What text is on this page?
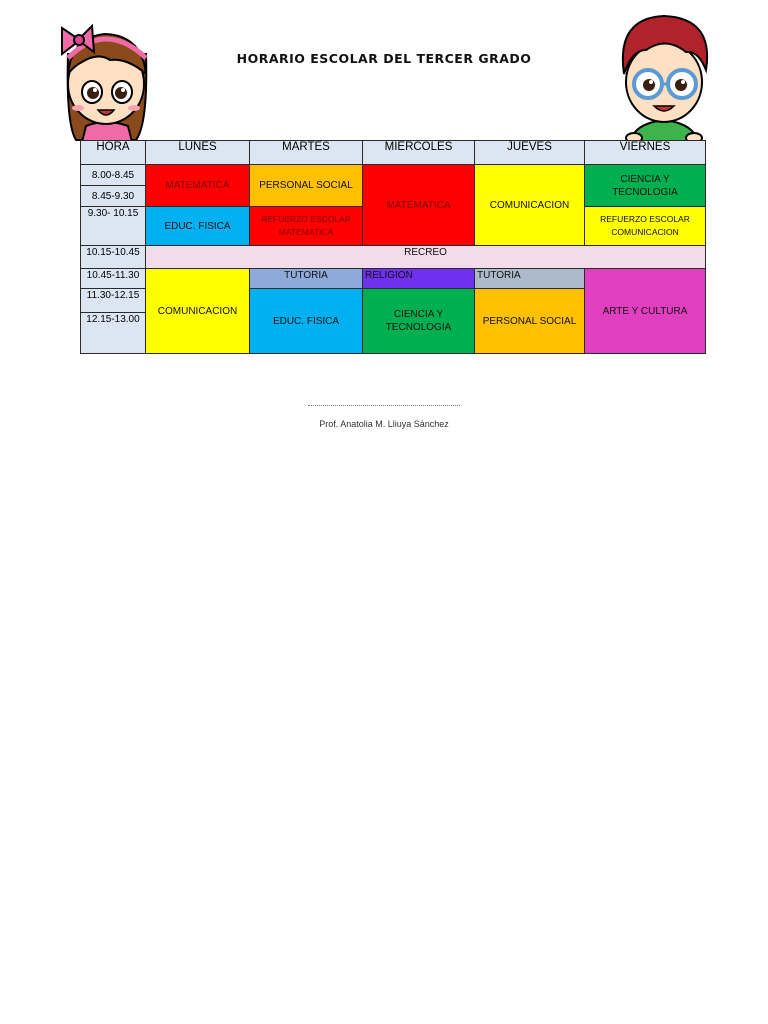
HORARIO ESCOLAR DEL TERCER GRADO
HORA	LUNES	MARTES	MIERCOLES	JUEVES	VIERNES
8.00-8.45	MATEMATICA	PERSONAL SOCIAL	MATEMATICA	COMUNICACION	CIENCIA Y TECNOLOGIA
8.45-9.30					
9.30- 10.15	EDUC. FISICA	REFUERZO ESCOLAR MATEMATICA			REFUERZO ESCOLAR COMUNICACION
10.15-10.45	RECREO				
10.45-11.30	COMUNICACION	TUTORIA	RELIGION	TUTORIA	ARTE Y CULTURA
11.30-12.15		EDUC. FISICA	CIENCIA Y TECNOLOGIA	PERSONAL SOCIAL	
12.15-13.00					
Prof. Anatolia M. Lliuya Sánchez
